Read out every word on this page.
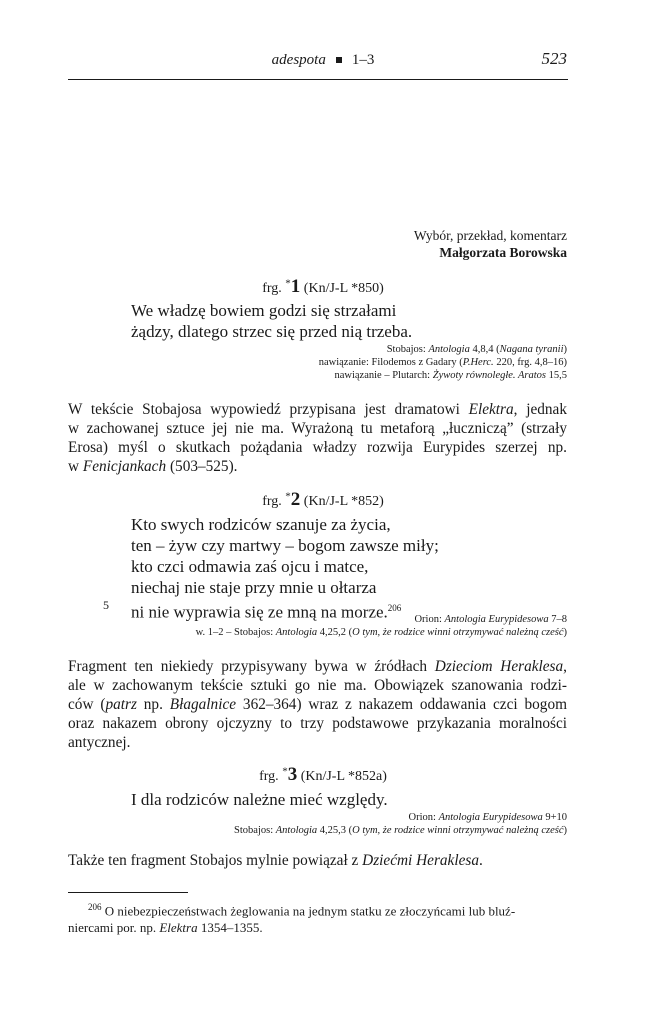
adespota 1–3	523
Wybór, przekład, komentarz
Małgorzata Borowska
frg. *1 (Kn/J-L *850)
We władzę bowiem godzi się strzałami
żądzy, dlatego strzec się przed nią trzeba.
Stobajos: Antologia 4,8,4 (Nagana tyranii)
nawiązanie: Filodemos z Gadary (P.Herc. 220, frg. 4,8–16)
nawiązanie – Plutarch: Żywoty równoległe. Aratos 15,5
W tekście Stobajosa wypowiedź przypisana jest dramatowi Elektra, jednak
w zachowanej sztuce jej nie ma. Wyrażoną tu metaforą „łuczniczą” (strzały
Erosa) myśl o skutkach pożądania władzy rozwija Eurypides szerzej np.
w Fenicjankach (503–525).
frg. *2 (Kn/J-L *852)
Kto swych rodziców szanuje za życia,
ten – żyw czy martwy – bogom zawsze miły;
kto czci odmawia zaś ojcu i matce,
niechaj nie staje przy mnie u ołtarza
ni nie wyprawia się ze mną na morze.$^{206}$
5
Orion: Antologia Eurypidesowa 7–8
w. 1–2 – Stobajos: Antologia 4,25,2 (O tym, że rodzice winni otrzymywać należną cześć)
Fragment ten niekiedy przypisywany bywa w źródłach Dzieciom Heraklesa,
ale w zachowanym tekście sztuki go nie ma. Obowiązek szanowania rodzi-
ców (patrz np. Błagalnice 362–364) wraz z nakazem oddawania czci bogom
oraz nakazem obrony ojczyzny to trzy podstawowe przykazania moralności
antycznej.
frg. *3 (Kn/J-L *852a)
I dla rodziców należne mieć względy.
Orion: Antologia Eurypidesowa 9+10
Stobajos: Antologia 4,25,3 (O tym, że rodzice winni otrzymywać należną cześć)
Także ten fragment Stobajos mylnie powiązał z Dziećmi Heraklesa.
$^{206}$ O niebezpieczeństwach żeglowania na jednym statku ze złoczyńcami lub bluź-
niercami por. np. Elektra 1354–1355.
